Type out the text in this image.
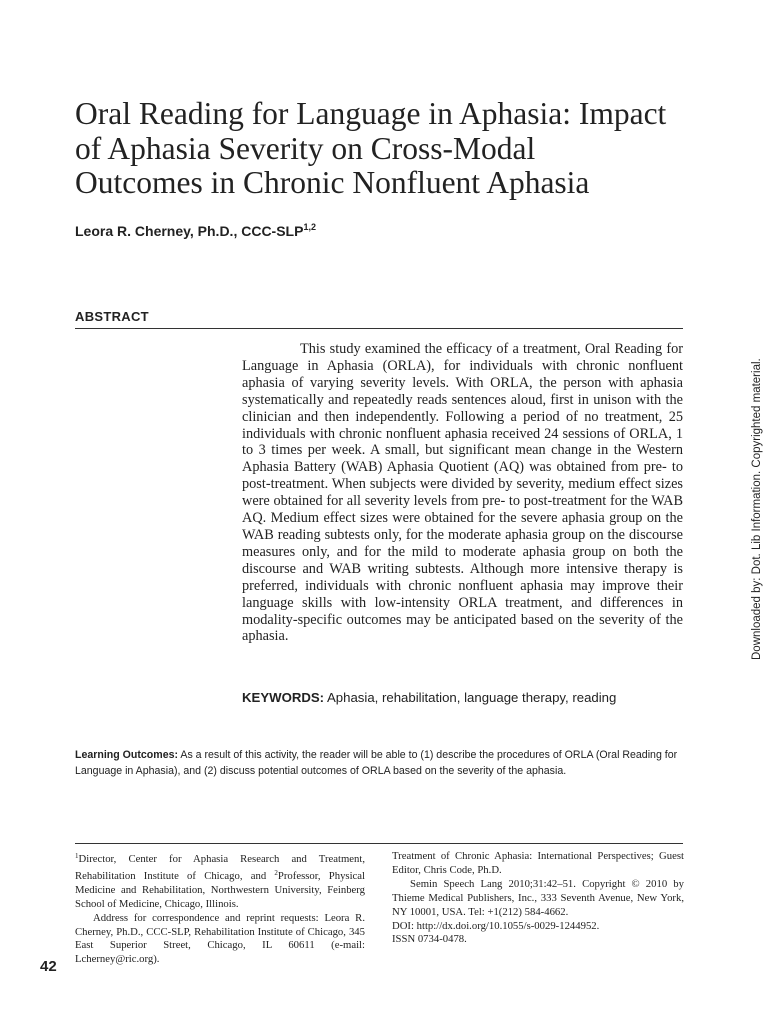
Oral Reading for Language in Aphasia: Impact
of Aphasia Severity on Cross-Modal
Outcomes in Chronic Nonfluent Aphasia
Leora R. Cherney, Ph.D., CCC-SLP$^{1,2}$
ABSTRACT

This study examined the efficacy of a treatment, Oral Reading for Language in Aphasia (ORLA), for individuals with chronic nonfluent aphasia of varying severity levels. With ORLA, the person with aphasia systematically and repeatedly reads sentences aloud, first in unison with the clinician and then independently. Following a period of no treatment, 25 individuals with chronic nonfluent aphasia received 24 sessions of ORLA, 1 to 3 times per week. A small, but significant mean change in the Western Aphasia Battery (WAB) Aphasia Quotient (AQ) was obtained from pre- to post-treatment. When subjects were divided by severity, medium effect sizes were obtained for all severity levels from pre- to post-treatment for the WAB AQ. Medium effect sizes were obtained for the severe aphasia group on the WAB reading subtests only, for the moderate aphasia group on the discourse measures only, and for the mild to moderate aphasia group on both the discourse and WAB writing subtests. Although more intensive therapy is preferred, individuals with chronic nonfluent aphasia may improve their language skills with low-intensity ORLA treatment, and differences in modality-specific outcomes may be anticipated based on the severity of the aphasia.

KEYWORDS: Aphasia, rehabilitation, language therapy, reading

Learning Outcomes: As a result of this activity, the reader will be able to (1) describe the procedures of ORLA (Oral Reading for Language in Aphasia), and (2) discuss potential outcomes of ORLA based on the severity of the aphasia.

$^1$Director, Center for Aphasia Research and Treatment, Rehabilitation Institute of Chicago, and $^2$Professor, Physical Medicine and Rehabilitation, Northwestern University, Feinberg School of Medicine, Chicago, Illinois.
Address for correspondence and reprint requests: Leora R. Cherney, Ph.D., CCC-SLP, Rehabilitation Institute of Chicago, 345 East Superior Street, Chicago, IL 60611 (e-mail: Lcherney@ric.org).

Treatment of Chronic Aphasia: International Perspectives; Guest Editor, Chris Code, Ph.D.
Semin Speech Lang 2010;31:42–51. Copyright © 2010 by Thieme Medical Publishers, Inc., 333 Seventh Avenue, New York, NY 10001, USA. Tel: +1(212) 584-4662.
DOI: http://dx.doi.org/10.1055/s-0029-1244952.
ISSN 0734-0478.

42
Downloaded by: Dot. Lib Information. Copyrighted material.
